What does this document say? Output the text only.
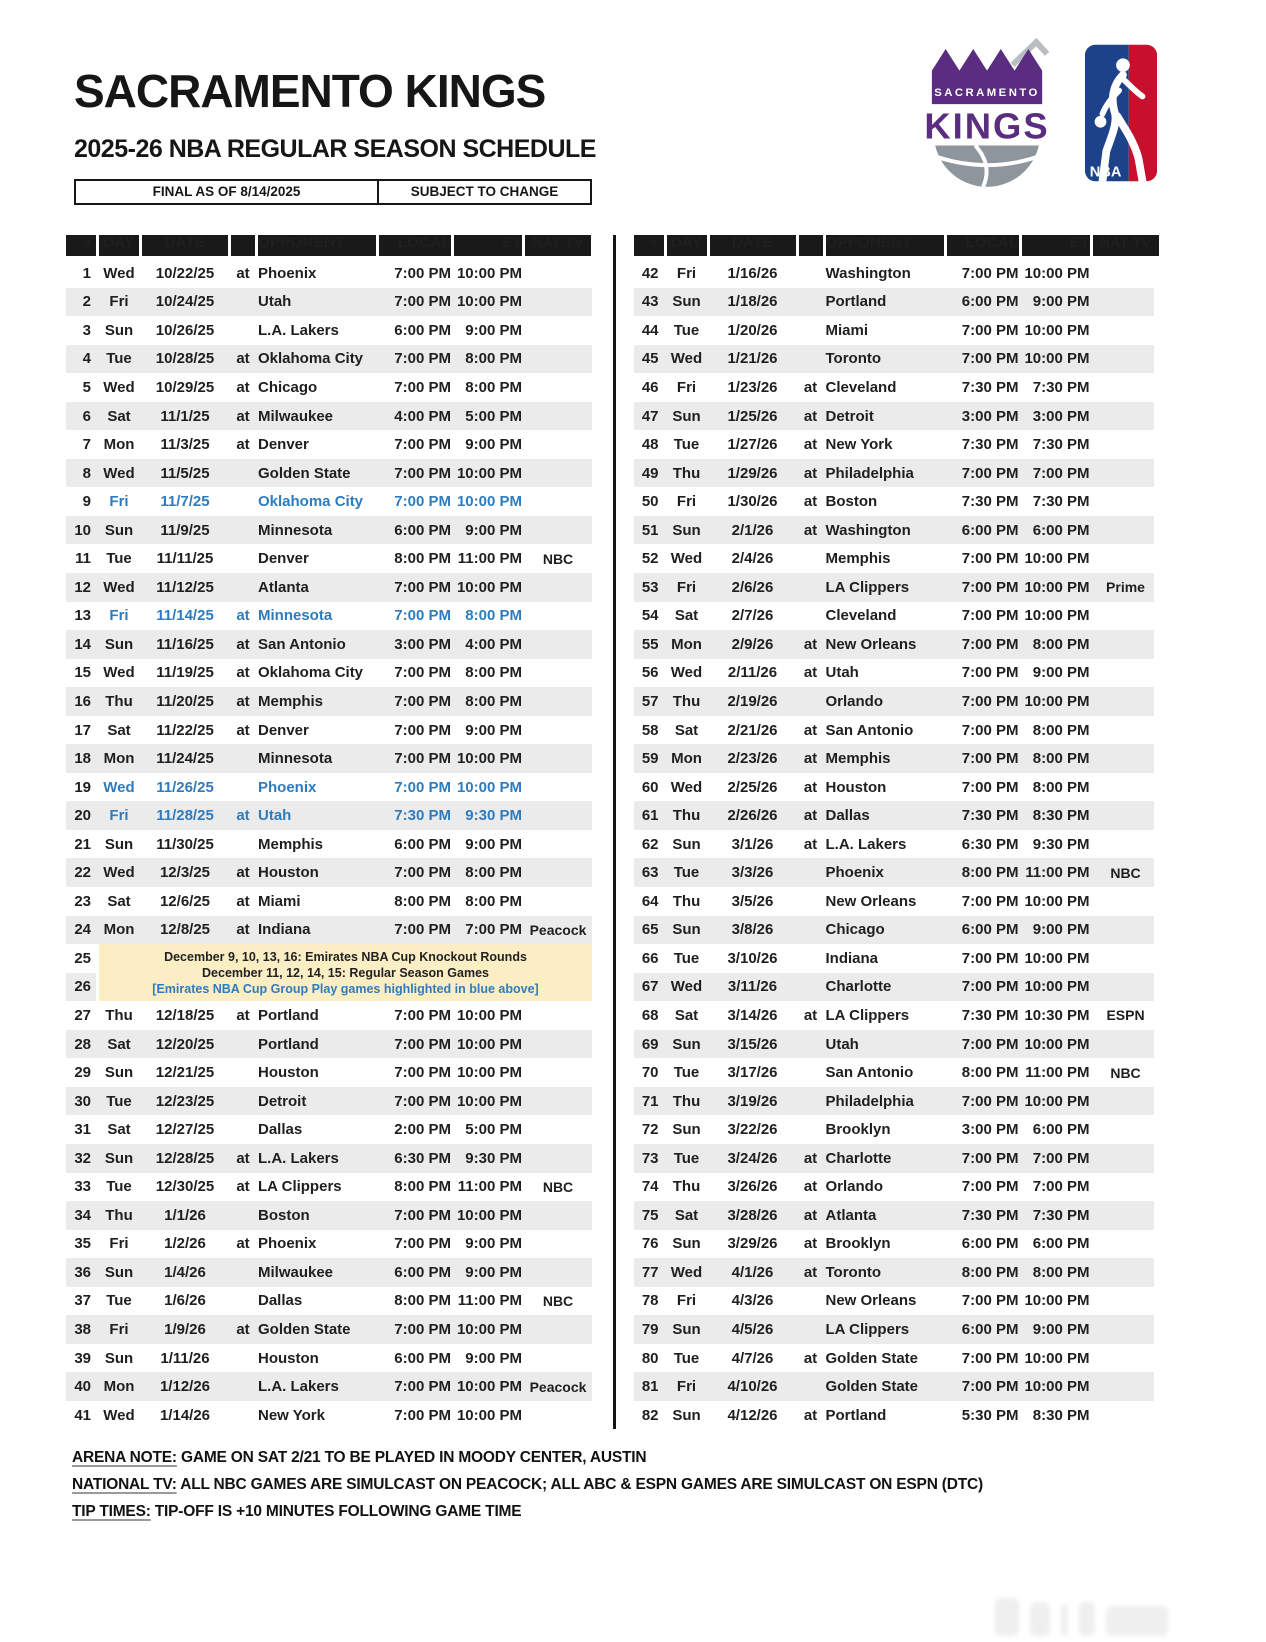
SACRAMENTO KINGS
2025-26 NBA REGULAR SEASON SCHEDULE
FINAL AS OF 8/14/2025	SUBJECT TO CHANGE
SACRAMENTO
KINGS
NBA
# DAY	DATE	OPPONENT	LOCAL	ET NAT TV
1 Wed	10/22/25	at Phoenix	7:00 PM 10:00 PM
2	Fri	10/24/25	Utah	7:00 PM 10:00 PM
3 Sun	10/26/25	L.A. Lakers	6:00 PM 9:00 PM
4	Tue	10/28/25	at Oklahoma City	7:00 PM 8:00 PM
5 Wed	10/29/25	at Chicago	7:00 PM 8:00 PM
6	Sat	11/1/25	at Milwaukee	4:00 PM 5:00 PM
7 Mon	11/3/25	at Denver	7:00 PM 9:00 PM
8 Wed	11/5/25	Golden State	7:00 PM 10:00 PM
9	Fri	11/7/25	Oklahoma City	7:00 PM 10:00 PM
10 Sun	11/9/25	Minnesota	6:00 PM 9:00 PM
11	Tue	11/11/25	Denver	8:00 PM 11:00 PM	NBC
12 Wed	11/12/25	Atlanta	7:00 PM 10:00 PM
13	Fri	11/14/25	at Minnesota	7:00 PM 8:00 PM
14 Sun	11/16/25	at San Antonio	3:00 PM 4:00 PM
15 Wed	11/19/25	at Oklahoma City	7:00 PM 8:00 PM
16 Thu	11/20/25	at Memphis	7:00 PM 8:00 PM
17	Sat	11/22/25	at Denver	7:00 PM 9:00 PM
18 Mon	11/24/25	Minnesota	7:00 PM 10:00 PM
19 Wed	11/26/25	Phoenix	7:00 PM 10:00 PM
20	Fri	11/28/25	at Utah	7:30 PM 9:30 PM
21 Sun	11/30/25	Memphis	6:00 PM 9:00 PM
22 Wed	12/3/25	at Houston	7:00 PM 8:00 PM
23	Sat	12/6/25	at Miami	8:00 PM 8:00 PM
24 Mon	12/8/25	at Indiana	7:00 PM 7:00 PM Peacock
25
26
December 9, 10, 13, 16: Emirates NBA Cup Knockout Rounds
December 11, 12, 14, 15: Regular Season Games
[Emirates NBA Cup Group Play games highlighted in blue above]
27 Thu	12/18/25	at Portland	7:00 PM 10:00 PM
28	Sat	12/20/25	Portland	7:00 PM 10:00 PM
29 Sun	12/21/25	Houston	7:00 PM 10:00 PM
30	Tue	12/23/25	Detroit	7:00 PM 10:00 PM
31	Sat	12/27/25	Dallas	2:00 PM 5:00 PM
32 Sun	12/28/25	at L.A. Lakers	6:30 PM 9:30 PM
33	Tue	12/30/25	at LA Clippers	8:00 PM 11:00 PM	NBC
34 Thu	1/1/26	Boston	7:00 PM 10:00 PM
35	Fri	1/2/26	at Phoenix	7:00 PM 9:00 PM
36 Sun	1/4/26	Milwaukee	6:00 PM 9:00 PM
37	Tue	1/6/26	Dallas	8:00 PM 11:00 PM	NBC
38	Fri	1/9/26	at Golden State	7:00 PM 10:00 PM
39 Sun	1/11/26	Houston	6:00 PM 9:00 PM
40 Mon	1/12/26	L.A. Lakers	7:00 PM 10:00 PM Peacock
41 Wed	1/14/26	New York	7:00 PM 10:00 PM
# DAY	DATE	OPPONENT	LOCAL	ET NAT TV
42	Fri	1/16/26	Washington	7:00 PM 10:00 PM
43 Sun	1/18/26	Portland	6:00 PM 9:00 PM
44	Tue	1/20/26	Miami	7:00 PM 10:00 PM
45 Wed	1/21/26	Toronto	7:00 PM 10:00 PM
46	Fri	1/23/26	at Cleveland	7:30 PM 7:30 PM
47 Sun	1/25/26	at Detroit	3:00 PM 3:00 PM
48	Tue	1/27/26	at New York	7:30 PM 7:30 PM
49 Thu	1/29/26	at Philadelphia	7:00 PM 7:00 PM
50	Fri	1/30/26	at Boston	7:30 PM 7:30 PM
51 Sun	2/1/26	at Washington	6:00 PM 6:00 PM
52 Wed	2/4/26	Memphis	7:00 PM 10:00 PM
53	Fri	2/6/26	LA Clippers	7:00 PM 10:00 PM	Prime
54	Sat	2/7/26	Cleveland	7:00 PM 10:00 PM
55 Mon	2/9/26	at New Orleans	7:00 PM 8:00 PM
56 Wed	2/11/26	at Utah	7:00 PM 9:00 PM
57 Thu	2/19/26	Orlando	7:00 PM 10:00 PM
58	Sat	2/21/26	at San Antonio	7:00 PM 8:00 PM
59 Mon	2/23/26	at Memphis	7:00 PM 8:00 PM
60 Wed	2/25/26	at Houston	7:00 PM 8:00 PM
61 Thu	2/26/26	at Dallas	7:30 PM 8:30 PM
62 Sun	3/1/26	at L.A. Lakers	6:30 PM 9:30 PM
63	Tue	3/3/26	Phoenix	8:00 PM 11:00 PM	NBC
64 Thu	3/5/26	New Orleans	7:00 PM 10:00 PM
65 Sun	3/8/26	Chicago	6:00 PM 9:00 PM
66	Tue	3/10/26	Indiana	7:00 PM 10:00 PM
67 Wed	3/11/26	Charlotte	7:00 PM 10:00 PM
68	Sat	3/14/26	at LA Clippers	7:30 PM 10:30 PM	ESPN
69 Sun	3/15/26	Utah	7:00 PM 10:00 PM
70	Tue	3/17/26	San Antonio	8:00 PM 11:00 PM	NBC
71 Thu	3/19/26	Philadelphia	7:00 PM 10:00 PM
72 Sun	3/22/26	Brooklyn	3:00 PM 6:00 PM
73	Tue	3/24/26	at Charlotte	7:00 PM 7:00 PM
74 Thu	3/26/26	at Orlando	7:00 PM 7:00 PM
75	Sat	3/28/26	at Atlanta	7:30 PM 7:30 PM
76 Sun	3/29/26	at Brooklyn	6:00 PM 6:00 PM
77 Wed	4/1/26	at Toronto	8:00 PM 8:00 PM
78	Fri	4/3/26	New Orleans	7:00 PM 10:00 PM
79 Sun	4/5/26	LA Clippers	6:00 PM 9:00 PM
80	Tue	4/7/26	at Golden State	7:00 PM 10:00 PM
81	Fri	4/10/26	Golden State	7:00 PM 10:00 PM
82 Sun	4/12/26	at Portland	5:30 PM 8:30 PM
ARENA NOTE: GAME ON SAT 2/21 TO BE PLAYED IN MOODY CENTER, AUSTIN
NATIONAL TV: ALL NBC GAMES ARE SIMULCAST ON PEACOCK; ALL ABC & ESPN GAMES ARE SIMULCAST ON ESPN (DTC)
TIP TIMES: TIP-OFF IS +10 MINUTES FOLLOWING GAME TIME
